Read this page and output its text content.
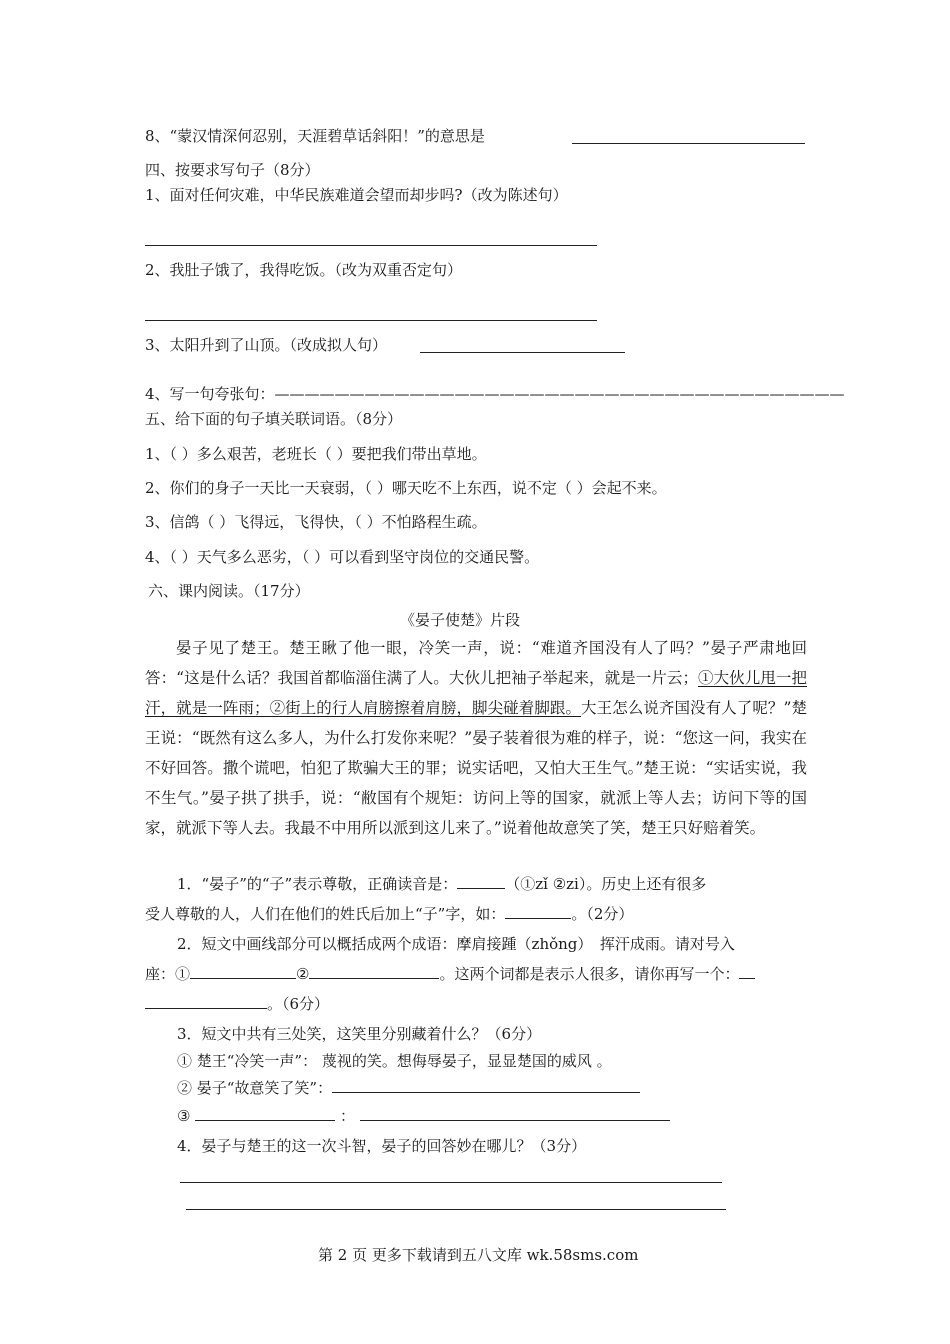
8、“蒙汉情深何忍别，天涯碧草话斜阳！”的意思是
四、按要求写句子（8分）
1、面对任何灾难，中华民族难道会望而却步吗?（改为陈述句）
2、我肚子饿了，我得吃饭。（改为双重否定句）
3、太阳升到了山顶。（改成拟人句）
4、写一句夸张句：——————————————————————————————————————
五、给下面的句子填关联词语。（8分）
1、（ ）多么艰苦，老班长（ ）要把我们带出草地。
2、你们的身子一天比一天衰弱，（ ）哪天吃不上东西，说不定（ ）会起不来。
3、信鸽（ ）飞得远，飞得快，（ ）不怕路程生疏。
4、（ ）天气多么恶劣，（ ）可以看到坚守岗位的交通民警。
六、课内阅读。（17分）
《晏子使楚》片段
晏子见了楚王。楚王瞅了他一眼，冷笑一声，说：“难道齐国没有人了吗？”晏子严肃地回答：“这是什么话？我国首都临淄住满了人。大伙儿把袖子举起来，就是一片云；①大伙儿甩一把汗，就是一阵雨；②街上的行人肩膀擦着肩膀，脚尖碰着脚跟。大王怎么说齐国没有人了呢？”楚王说：“既然有这么多人，为什么打发你来呢？”晏子装着很为难的样子，说：“您这一问，我实在不好回答。撒个谎吧，怕犯了欺骗大王的罪；说实话吧，又怕大王生气。”楚王说：“实话实说，我不生气。”晏子拱了拱手，说：“敝国有个规矩：访问上等的国家，就派上等人去；访问下等的国家，就派下等人去。我最不中用所以派到这儿来了。”说着他故意笑了笑，楚王只好赔着笑。
1．“晏子”的“子”表示尊敬，正确读音是：	（①zǐ ②zi）。历史上还有很多
受人尊敬的人，人们在他们的姓氏后加上“子”字，如：	。（2分）
2．短文中画线部分可以概括成两个成语：摩肩接踵（zhǒng）　挥汗成雨。请对号入
座：①	②	。这两个词都是表示人很多，请你再写一个：
。（6分）
3．短文中共有三处笑，这笑里分别藏着什么？（6分）
① 楚王“冷笑一声”： 蔑视的笑。想侮辱晏子，显显楚国的威风 。
② 晏子“故意笑了笑”：
③	：
4．晏子与楚王的这一次斗智，晏子的回答妙在哪儿？（3分）
第 2 页 更多下载请到五八文库 wk.58sms.com
